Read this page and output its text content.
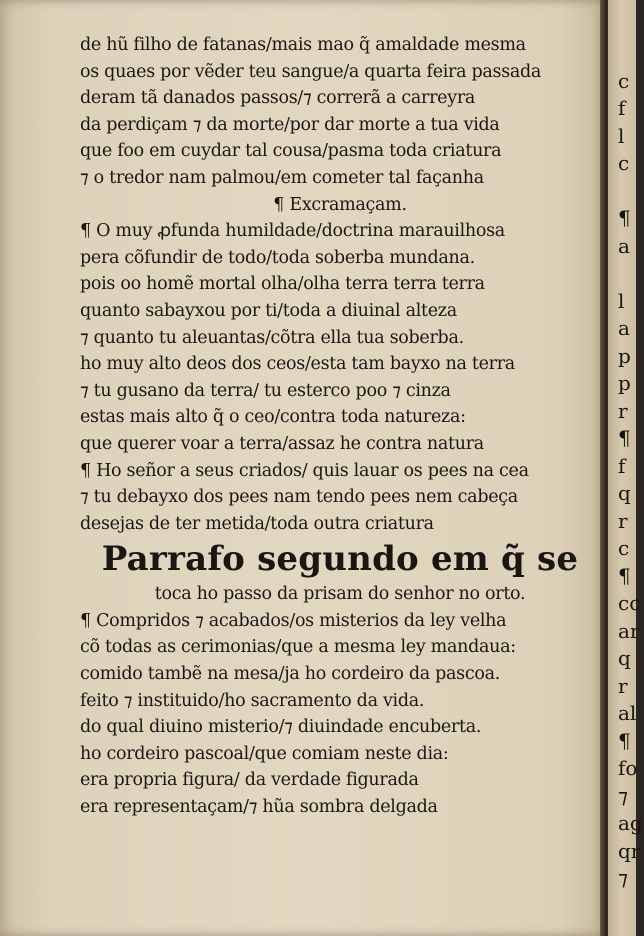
de hũ filho de fatanas/mais mao q̃ amaldade mesma
os quaes por vẽder teu sangue/a quarta feira passada
deram tã danados passos/⁊ correrã a carreyra
da perdiçam ⁊ da morte/por dar morte a tua vida
que foo em cuydar tal cousa/pasma toda criatura
⁊ o tredor nam palmou/em cometer tal façanha
¶ Excramaçam.
¶ O muy ꝓfunda humildade/doctrina marauilhosa
pera cõfundir de todo/toda soberba mundana.
pois oo homẽ mortal olha/olha terra terra terra
quanto sabayxou por ti/toda a diuinal alteza
⁊ quanto tu aleuantas/cõtra ella tua soberba.
ho muy alto deos dos ceos/esta tam bayxo na terra
⁊ tu gusano da terra/ tu esterco poo ⁊ cinza
estas mais alto q̃ o ceo/contra toda natureza:
que querer voar a terra/assaz he contra natura
¶ Ho señor a seus criados/ quis lauar os pees na cea
⁊ tu debayxo dos pees nam tendo pees nem cabeça
desejas de ter metida/toda outra criatura
Parrafo segundo em q̃ se
toca ho passo da prisam do senhor no orto.
¶ Compridos ⁊ acabados/os misterios da ley velha
cõ todas as cerimonias/que a mesma ley mandaua:
comido tambẽ na mesa/ja ho cordeiro da pascoa.
feito ⁊ instituido/ho sacramento da vida.
do qual diuino misterio/⁊ diuindade encuberta.
ho cordeiro pascoal/que comiam neste dia:
era propria figura/ da verdade figurada
era representaçam/⁊ hũa sombra delgada
c
f
l
c
¶
a
l
a
p
p
r
¶
f
q
r
c
¶
cc
ar
q
r
al
¶
fo
⁊
ag
qr
⁊
